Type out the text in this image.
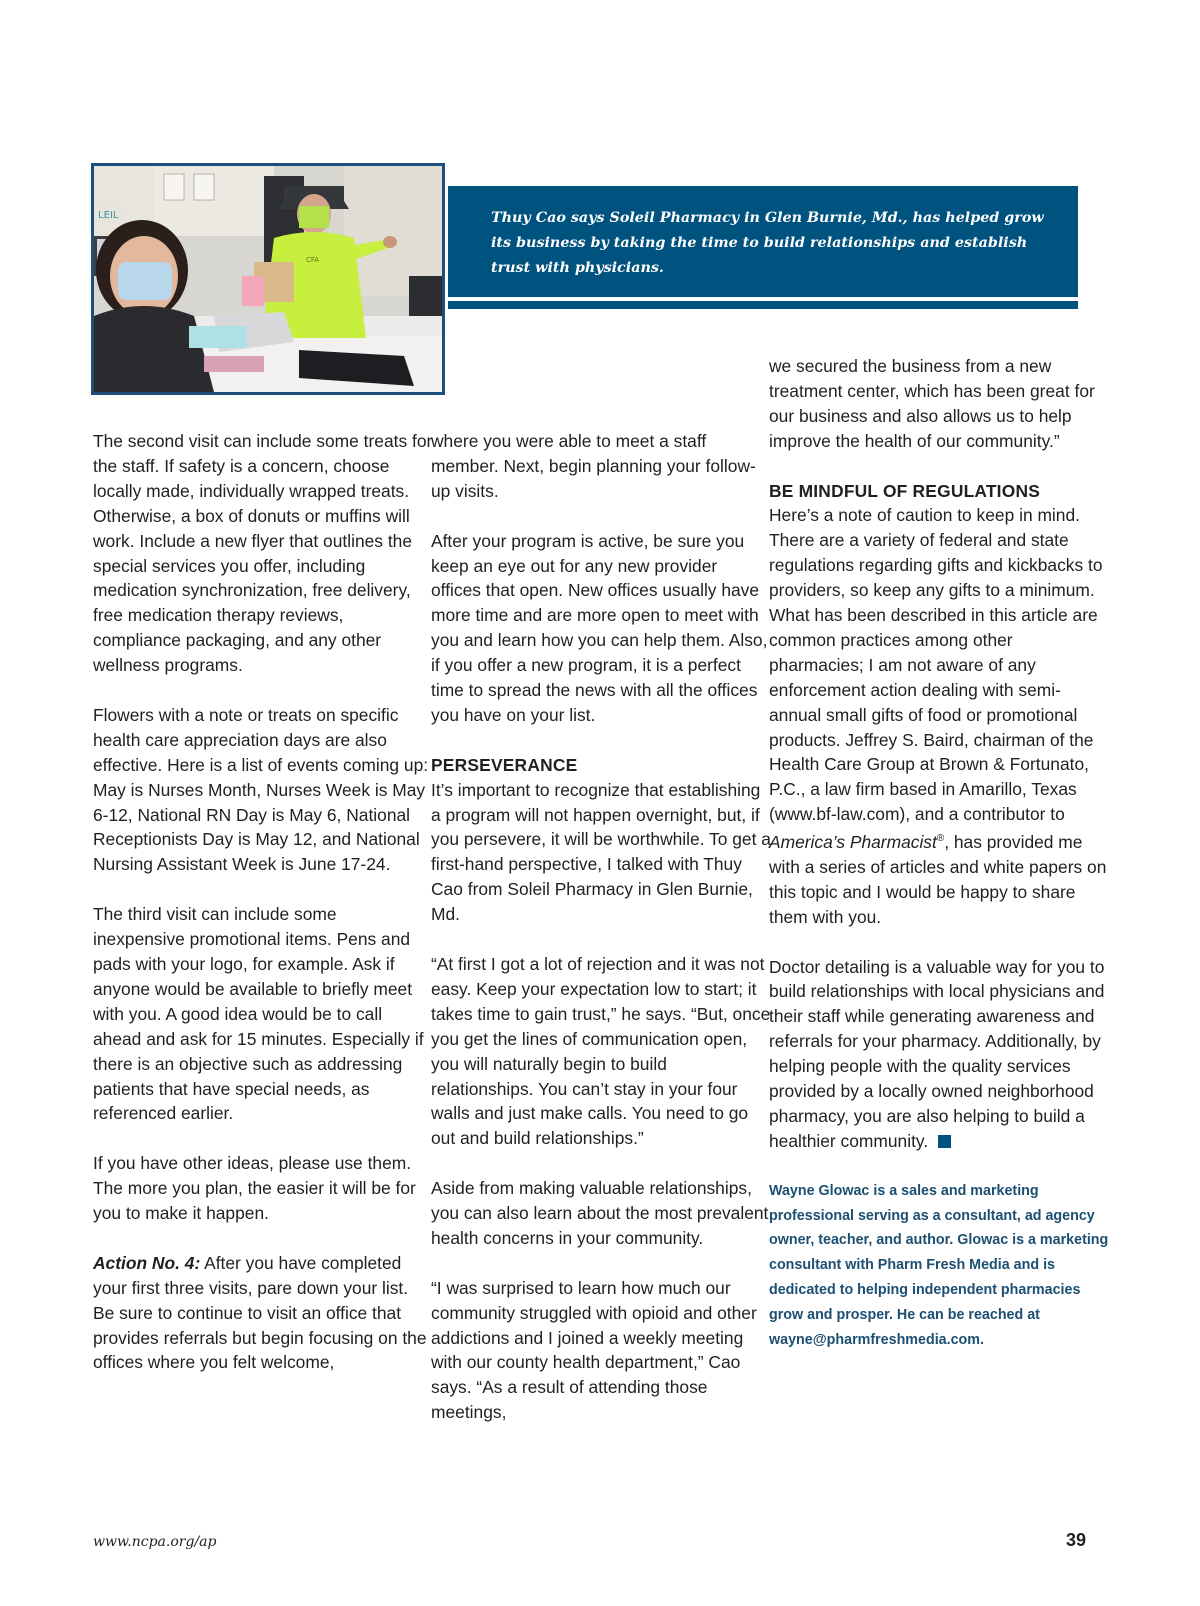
LEIL
CFA

Thuy Cao says Soleil Pharmacy in Glen Burnie, Md., has helped grow its business by taking the time to build relationships and establish trust with physicians.

The second visit can include some treats for the staff. If safety is a concern, choose locally made, individually wrapped treats. Otherwise, a box of donuts or muffins will work. Include a new flyer that outlines the special services you offer, including medication synchronization, free delivery, free medication therapy reviews, compliance packaging, and any other wellness programs.

Flowers with a note or treats on specific health care appreciation days are also effective. Here is a list of events coming up: May is Nurses Month, Nurses Week is May 6-12, National RN Day is May 6, National Receptionists Day is May 12, and National Nursing Assistant Week is June 17-24.

The third visit can include some inexpensive promotional items. Pens and pads with your logo, for example. Ask if anyone would be available to briefly meet with you. A good idea would be to call ahead and ask for 15 minutes. Especially if there is an objective such as addressing patients that have special needs, as referenced earlier.

If you have other ideas, please use them. The more you plan, the easier it will be for you to make it happen.

Action No. 4: After you have completed your first three visits, pare down your list. Be sure to continue to visit an office that provides referrals but begin focusing on the offices where you felt welcome,

where you were able to meet a staff member. Next, begin planning your follow-up visits.

After your program is active, be sure you keep an eye out for any new provider offices that open. New offices usually have more time and are more open to meet with you and learn how you can help them. Also, if you offer a new program, it is a perfect time to spread the news with all the offices you have on your list.

PERSEVERANCE

It’s important to recognize that establishing a program will not happen overnight, but, if you persevere, it will be worthwhile. To get a first-hand perspective, I talked with Thuy Cao from Soleil Pharmacy in Glen Burnie, Md.

“At first I got a lot of rejection and it was not easy. Keep your expectation low to start; it takes time to gain trust,” he says. “But, once you get the lines of communication open, you will naturally begin to build relationships. You can’t stay in your four walls and just make calls. You need to go out and build relationships.”

Aside from making valuable relationships, you can also learn about the most prevalent health concerns in your community.

“I was surprised to learn how much our community struggled with opioid and other addictions and I joined a weekly meeting with our county health department,” Cao says. “As a result of attending those meetings,

we secured the business from a new treatment center, which has been great for our business and also allows us to help improve the health of our community.”

BE MINDFUL OF REGULATIONS

Here’s a note of caution to keep in mind. There are a variety of federal and state regulations regarding gifts and kickbacks to providers, so keep any gifts to a minimum. What has been described in this article are common practices among other pharmacies; I am not aware of any enforcement action dealing with semi-annual small gifts of food or promotional products. Jeffrey S. Baird, chairman of the Health Care Group at Brown & Fortunato, P.C., a law firm based in Amarillo, Texas (www.bf-law.com), and a contributor to America’s Pharmacist®, has provided me with a series of articles and white papers on this topic and I would be happy to share them with you.

Doctor detailing is a valuable way for you to build relationships with local physicians and their staff while generating awareness and referrals for your pharmacy. Additionally, by helping people with the quality services provided by a locally owned neighborhood pharmacy, you are also helping to build a healthier community.

Wayne Glowac is a sales and marketing professional serving as a consultant, ad agency owner, teacher, and author. Glowac is a marketing consultant with Pharm Fresh Media and is dedicated to helping independent pharmacies grow and prosper. He can be reached at wayne@pharmfreshmedia.com.

www.ncpa.org/ap	39
